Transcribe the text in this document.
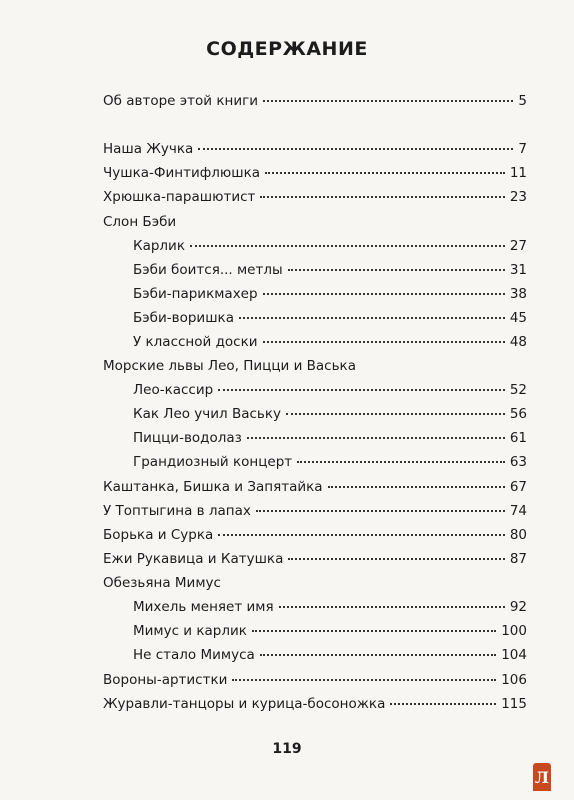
СОДЕРЖАНИЕ
Об авторе этой книги	5
Наша Жучка	7
Чушка-Финтифлюшка	11
Хрюшка-парашютист	23
Слон Бэби
Карлик	27
Бэби боится... метлы	31
Бэби-парикмахер	38
Бэби-воришка	45
У классной доски	48
Морские львы Лео, Пицци и Васька
Лео-кассир	52
Как Лео учил Ваську	56
Пицци-водолаз	61
Грандиозный концерт	63
Каштанка, Бишка и Запятайка	67
У Топтыгина в лапах	74
Борька и Сурка	80
Ежи Рукавица и Катушка	87
Обезьяна Мимус
Михель меняет имя	92
Мимус и карлик	100
Не стало Мимуса	104
Вороны-артистки	106
Журавли-танцоры и курица-босоножка	115
119
Л
